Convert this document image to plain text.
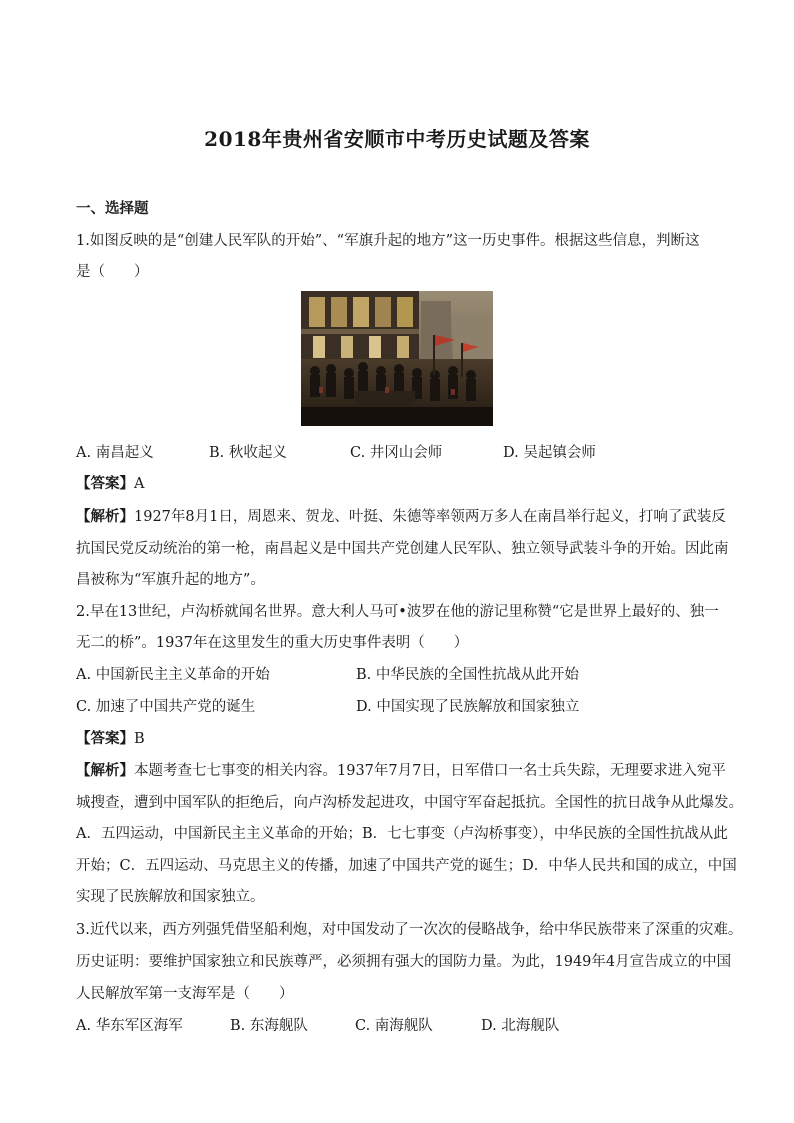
2018年贵州省安顺市中考历史试题及答案
一、选择题
1.如图反映的是“创建人民军队的开始”、“军旗升起的地方”这一历史事件。根据这些信息，判断这
是（　　）
A. 南昌起义	B. 秋收起义	C. 井冈山会师	D. 吴起镇会师
【答案】A
【解析】1927年8月1日，周恩来、贺龙、叶挺、朱德等率领两万多人在南昌举行起义，打响了武装反
抗国民党反动统治的第一枪，南昌起义是中国共产党创建人民军队、独立领导武装斗争的开始。因此南
昌被称为“军旗升起的地方”。
2.早在13世纪，卢沟桥就闻名世界。意大利人马可•波罗在他的游记里称赞“它是世界上最好的、独一
无二的桥”。1937年在这里发生的重大历史事件表明（　　）
A. 中国新民主主义革命的开始	B. 中华民族的全国性抗战从此开始
C. 加速了中国共产党的诞生	D. 中国实现了民族解放和国家独立
【答案】B
【解析】本题考查七七事变的相关内容。1937年7月7日，日军借口一名士兵失踪，无理要求进入宛平
城搜查，遭到中国军队的拒绝后，向卢沟桥发起进攻，中国守军奋起抵抗。全国性的抗日战争从此爆发。
A．五四运动，中国新民主主义革命的开始；B．七七事变（卢沟桥事变），中华民族的全国性抗战从此
开始；C．五四运动、马克思主义的传播，加速了中国共产党的诞生；D．中华人民共和国的成立，中国
实现了民族解放和国家独立。
3.近代以来，西方列强凭借坚船利炮，对中国发动了一次次的侵略战争，给中华民族带来了深重的灾难。
历史证明：要维护国家独立和民族尊严，必须拥有强大的国防力量。为此，1949年4月宣告成立的中国
人民解放军第一支海军是（　　）
A. 华东军区海军	B. 东海舰队	C. 南海舰队	D. 北海舰队
